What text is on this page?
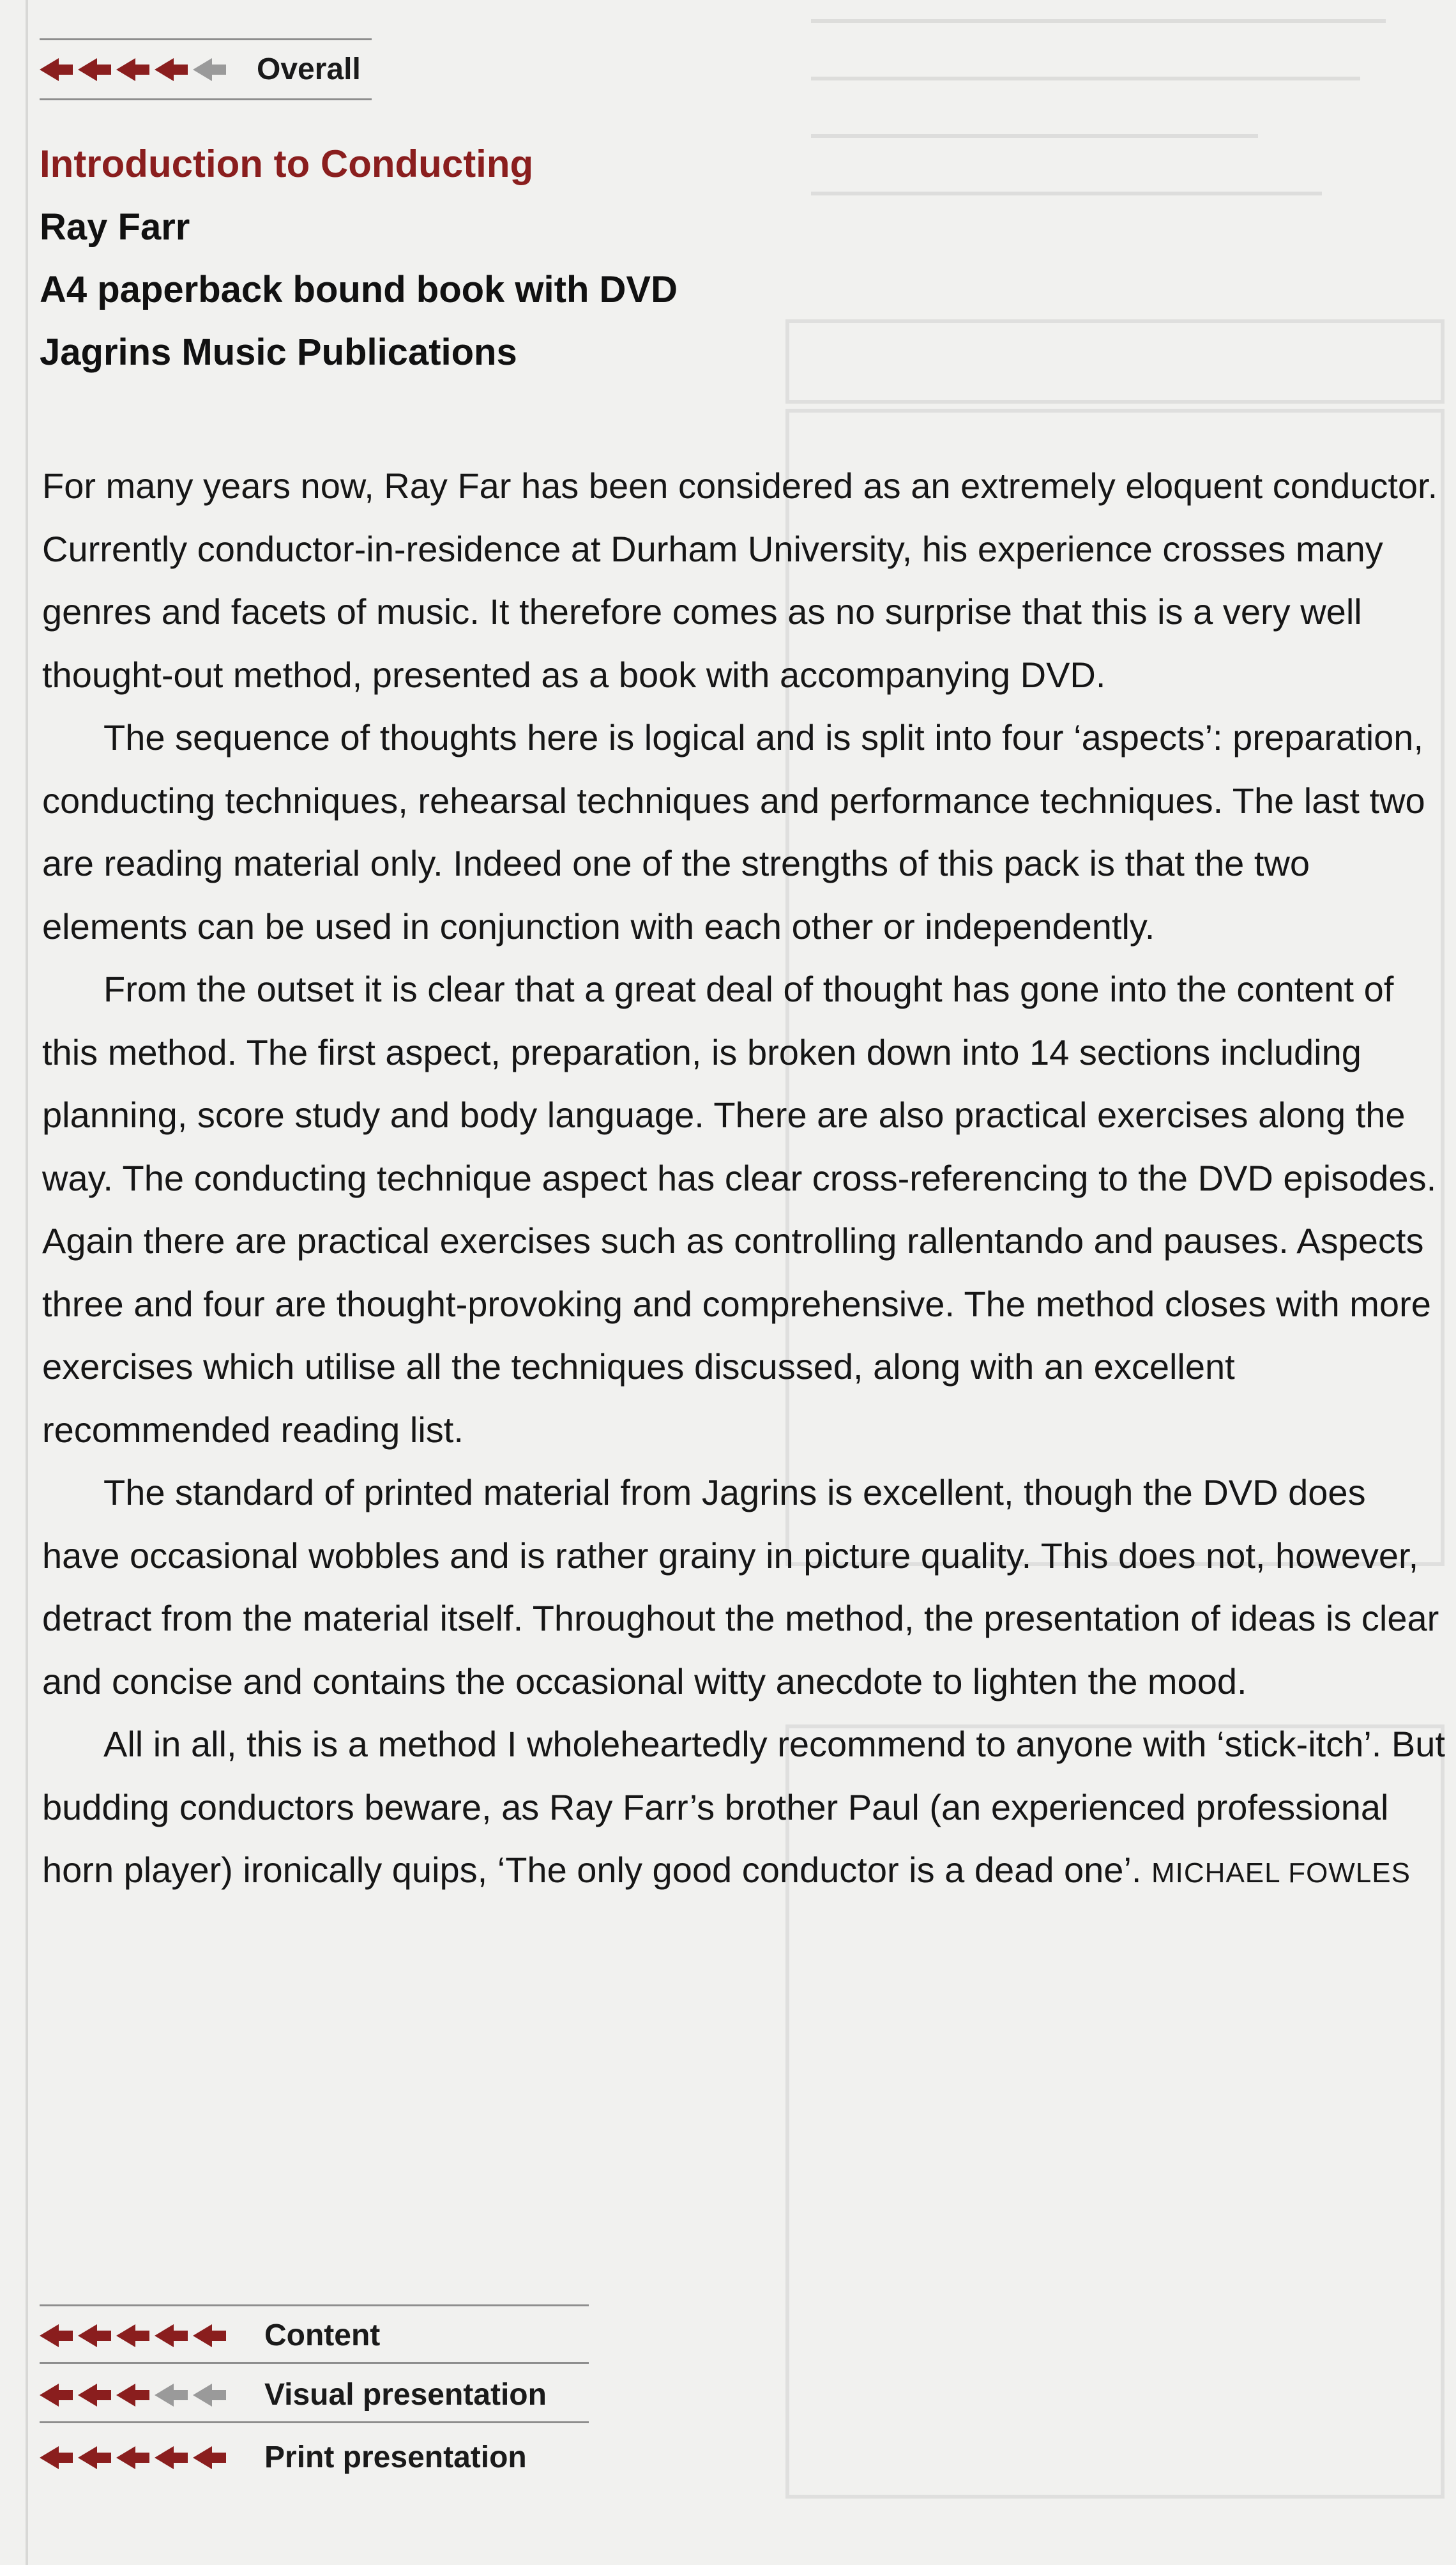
Overall
Introduction to Conducting
Ray Farr
A4 paperback bound book with DVD
Jagrins Music Publications

For many years now, Ray Far has been considered as an extremely eloquent conductor. Currently conductor-in-residence at Durham University, his experience crosses many genres and facets of music. It therefore comes as no surprise that this is a very well thought-out method, presented as a book with accompanying DVD.

The sequence of thoughts here is logical and is split into four ‘aspects’: preparation, conducting techniques, rehearsal techniques and performance techniques. The last two are reading material only. Indeed one of the strengths of this pack is that the two elements can be used in conjunction with each other or independently.

From the outset it is clear that a great deal of thought has gone into the content of this method. The first aspect, preparation, is broken down into 14 sections including planning, score study and body language. There are also practical exercises along the way. The conducting technique aspect has clear cross-referencing to the DVD episodes. Again there are practical exercises such as controlling rallentando and pauses. Aspects three and four are thought-provoking and comprehensive. The method closes with more exercises which utilise all the techniques discussed, along with an excellent recommended reading list.

The standard of printed material from Jagrins is excellent, though the DVD does have occasional wobbles and is rather grainy in picture quality. This does not, however, detract from the material itself. Throughout the method, the presentation of ideas is clear and concise and contains the occasional witty anecdote to lighten the mood.

All in all, this is a method I wholeheartedly recommend to anyone with ‘stick-itch’. But budding conductors beware, as Ray Farr’s brother Paul (an experienced professional horn player) ironically quips, ‘The only good conductor is a dead one’. MICHAEL FOWLES

Content
Visual presentation
Print presentation
